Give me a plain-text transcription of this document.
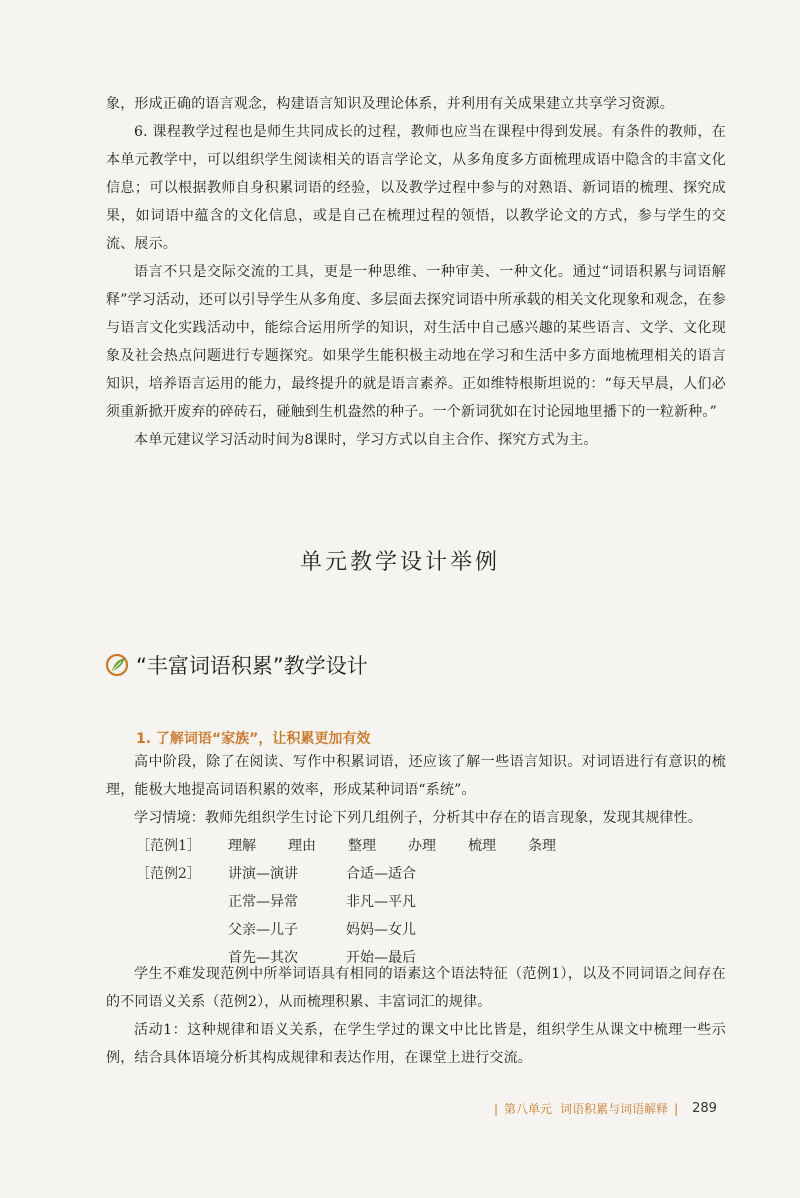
象，形成正确的语言观念，构建语言知识及理论体系，并利用有关成果建立共享学习资源。

6. 课程教学过程也是师生共同成长的过程，教师也应当在课程中得到发展。有条件的教师，在本单元教学中，可以组织学生阅读相关的语言学论文，从多角度多方面梳理成语中隐含的丰富文化信息；可以根据教师自身积累词语的经验，以及教学过程中参与的对熟语、新词语的梳理、探究成果，如词语中蕴含的文化信息，或是自己在梳理过程的领悟，以教学论文的方式，参与学生的交流、展示。

语言不只是交际交流的工具，更是一种思维、一种审美、一种文化。通过“词语积累与词语解释”学习活动，还可以引导学生从多角度、多层面去探究词语中所承载的相关文化现象和观念，在参与语言文化实践活动中，能综合运用所学的知识，对生活中自己感兴趣的某些语言、文学、文化现象及社会热点问题进行专题探究。如果学生能积极主动地在学习和生活中多方面地梳理相关的语言知识，培养语言运用的能力，最终提升的就是语言素养。正如维特根斯坦说的：“每天早晨，人们必须重新掀开废弃的碎砖石，碰触到生机盎然的种子。一个新词犹如在讨论园地里播下的一粒新种。”

本单元建议学习活动时间为8课时，学习方式以自主合作、探究方式为主。

单元教学设计举例
“丰富词语积累”教学设计
1. 了解词语“家族”，让积累更加有效

高中阶段，除了在阅读、写作中积累词语，还应该了解一些语言知识。对词语进行有意识的梳理，能极大地提高词语积累的效率，形成某种词语“系统”。

学习情境：教师先组织学生讨论下列几组例子，分析其中存在的语言现象，发现其规律性。

［范例1］	理解	理由	整理	办理	梳理	条理
［范例2］	讲演—演讲	合适—适合
正常—异常	非凡—平凡
父亲—儿子	妈妈—女儿
首先—其次	开始—最后

学生不难发现范例中所举词语具有相同的语素这个语法特征（范例1），以及不同词语之间存在的不同语义关系（范例2），从而梳理积累、丰富词汇的规律。

活动1：这种规律和语义关系，在学生学过的课文中比比皆是，组织学生从课文中梳理一些示例，结合具体语境分析其构成规律和表达作用，在课堂上进行交流。

| 第八单元 词语积累与词语解释 | 289
